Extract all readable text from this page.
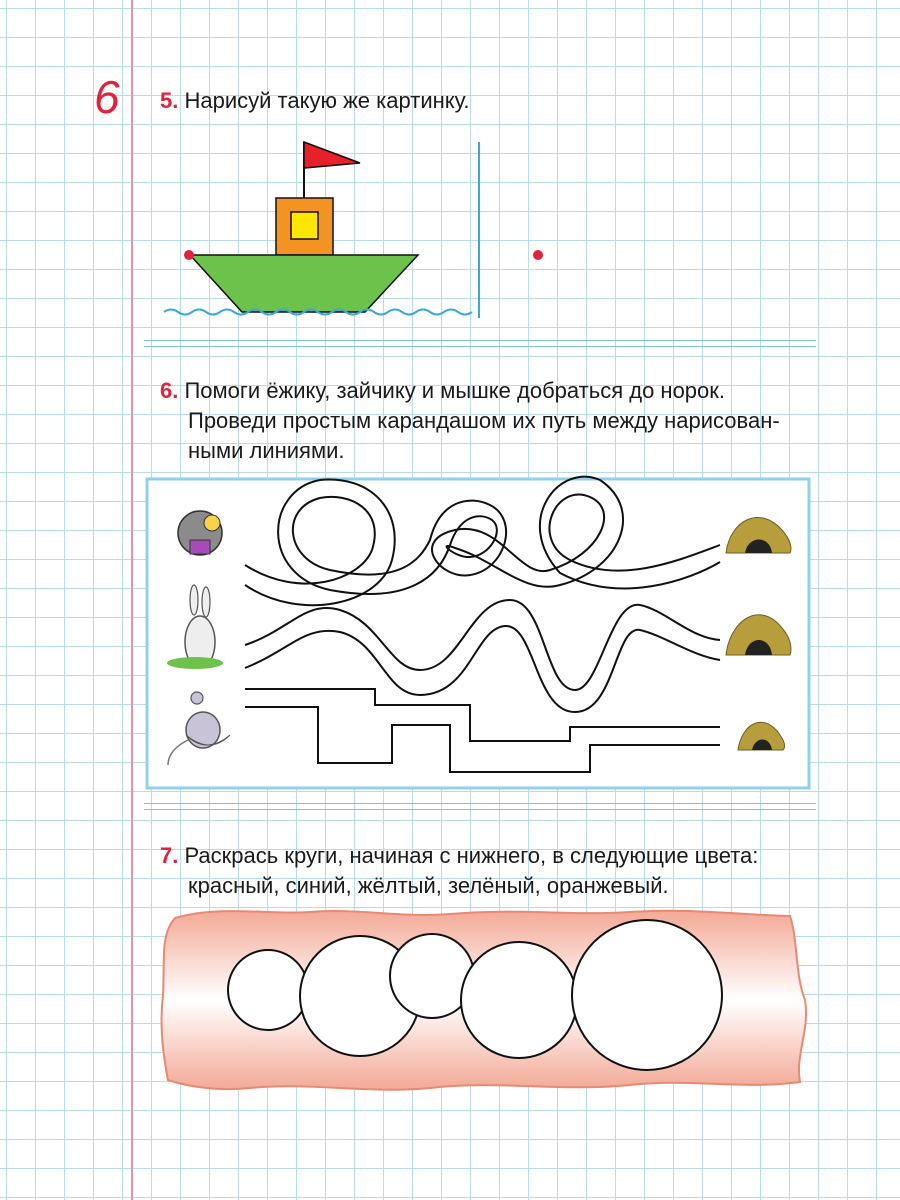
6	5. Нарисуй такую же картинку.
6. Помоги ёжику, зайчику и мышке добраться до норок.
Проведи простым карандашом их путь между нарисован-
ными линиями.
7. Раскрась круги, начиная с нижнего, в следующие цвета:
красный, синий, жёлтый, зелёный, оранжевый.
